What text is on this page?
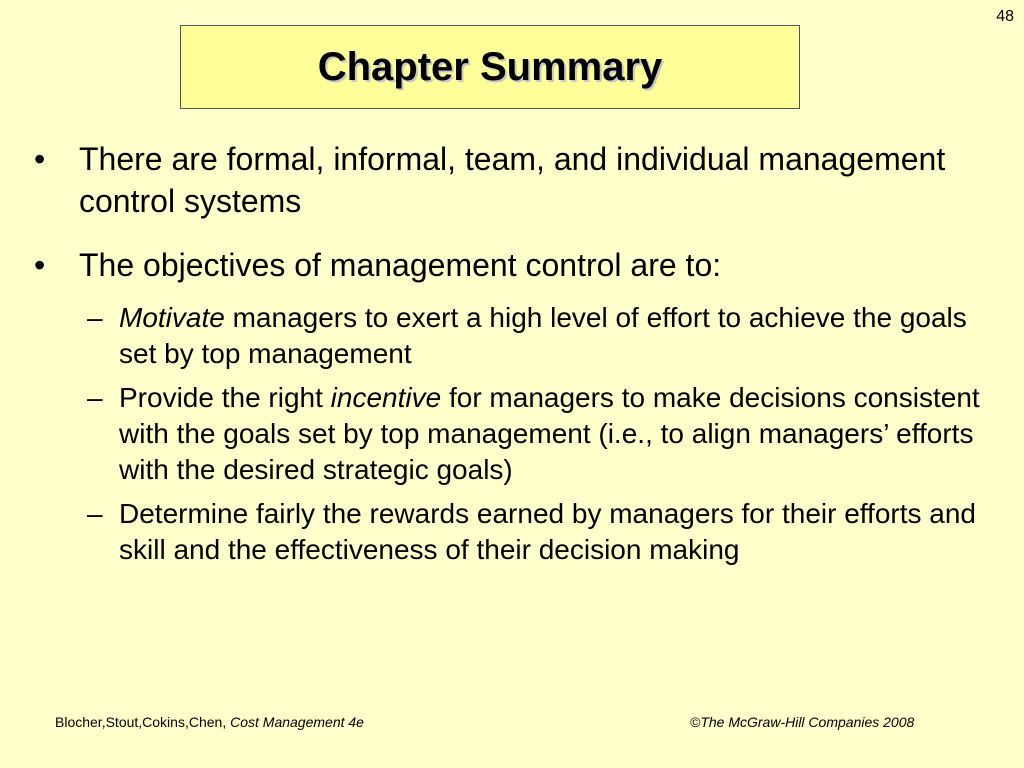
48
Chapter Summary
•	There are formal, informal, team, and individual management control systems
•	The objectives of management control are to:
– Motivate managers to exert a high level of effort to achieve the goals set by top management
– Provide the right incentive for managers to make decisions consistent with the goals set by top management (i.e., to align managers’ efforts with the desired strategic goals)
– Determine fairly the rewards earned by managers for their efforts and skill and the effectiveness of their decision making
Blocher,Stout,Cokins,Chen, Cost Management 4e	©The McGraw-Hill Companies 2008
